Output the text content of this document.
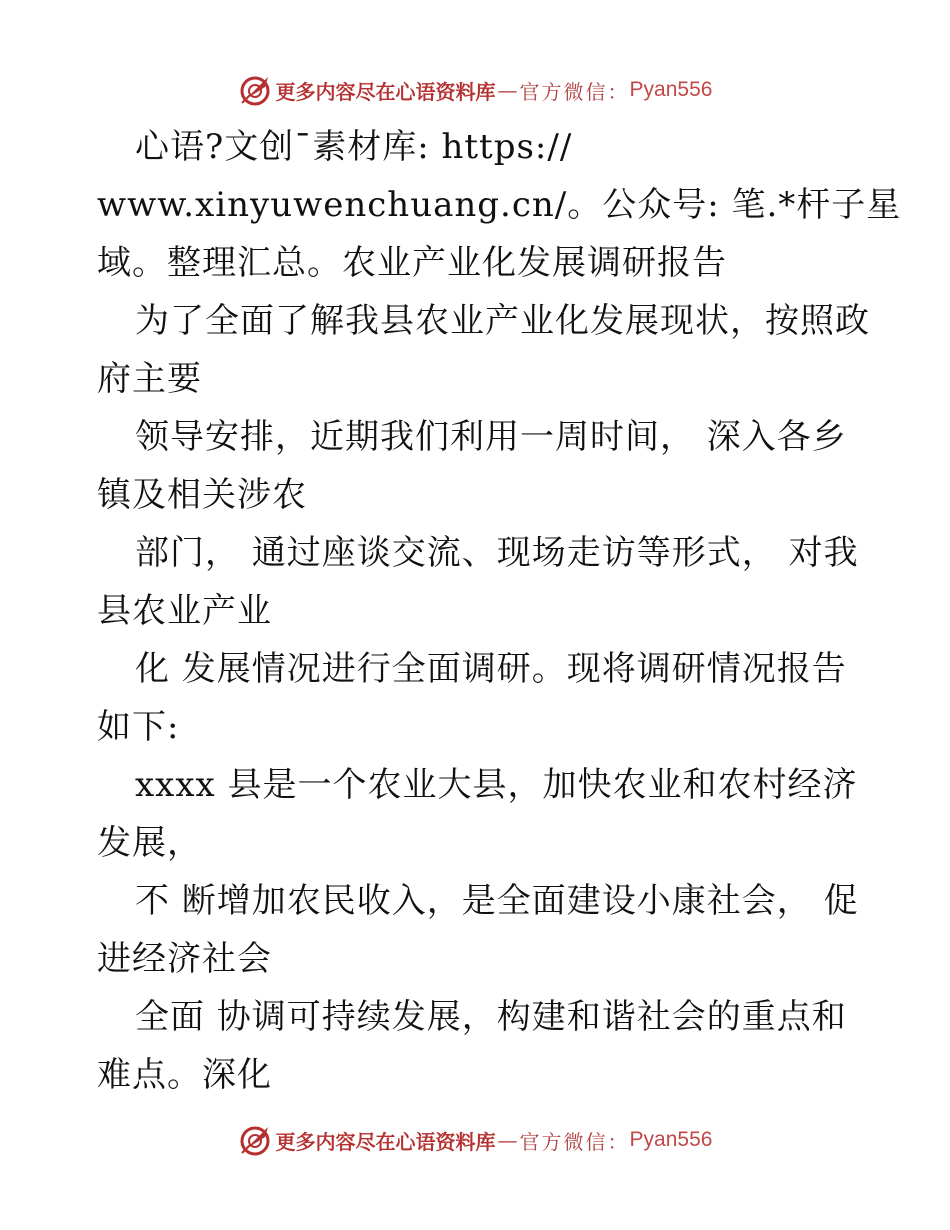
更多内容尽在心语资料库 — 官方微信： Pyan556
心语?文创¯素材库: https://
www.xinyuwenchuang.cn/。公众号: 笔.*杆子星
域。整理汇总。农业产业化发展调研报告
为了全面了解我县农业产业化发展现状，按照政
府主要
领导安排，近期我们利用一周时间， 深入各乡
镇及相关涉农
部门， 通过座谈交流、现场走访等形式， 对我
县农业产业
化 发展情况进行全面调研。现将调研情况报告
如下:
xxxx 县是一个农业大县，加快农业和农村经济
发展，
不 断增加农民收入，是全面建设小康社会， 促
进经济社会
全面 协调可持续发展，构建和谐社会的重点和
难点。深化
更多内容尽在心语资料库 — 官方微信： Pyan556
